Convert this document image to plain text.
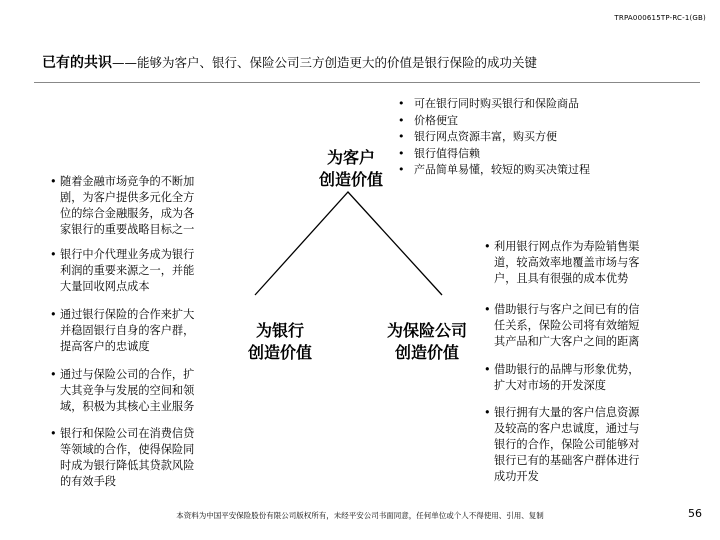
TRPA000615TP-RC-1(GB)
已有的共识——能够为客户、银行、保险公司三方创造更大的价值是银行保险的成功关键
为客户
创造价值
为银行
创造价值
为保险公司
创造价值
• 可在银行同时购买银行和保险商品
• 价格便宜
• 银行网点资源丰富，购买方便
• 银行值得信赖
• 产品简单易懂，较短的购买决策过程
• 随着金融市场竞争的不断加
剧，为客户提供多元化全方
位的综合金融服务，成为各
家银行的重要战略目标之一
• 银行中介代理业务成为银行
利润的重要来源之一，并能
大量回收网点成本
• 通过银行保险的合作来扩大
并稳固银行自身的客户群，
提高客户的忠诚度
• 通过与保险公司的合作，扩
大其竞争与发展的空间和领
域，积极为其核心主业服务
• 银行和保险公司在消费信贷
等领域的合作，使得保险同
时成为银行降低其贷款风险
的有效手段
• 利用银行网点作为寿险销售渠
道，较高效率地覆盖市场与客
户，且具有很强的成本优势
• 借助银行与客户之间已有的信
任关系，保险公司将有效缩短
其产品和广大客户之间的距离
• 借助银行的品牌与形象优势，
扩大对市场的开发深度
• 银行拥有大量的客户信息资源
及较高的客户忠诚度，通过与
银行的合作，保险公司能够对
银行已有的基础客户群体进行
成功开发
本资料为中国平安保险股份有限公司版权所有，未经平安公司书面同意，任何单位或个人不得使用、引用、复制	56
